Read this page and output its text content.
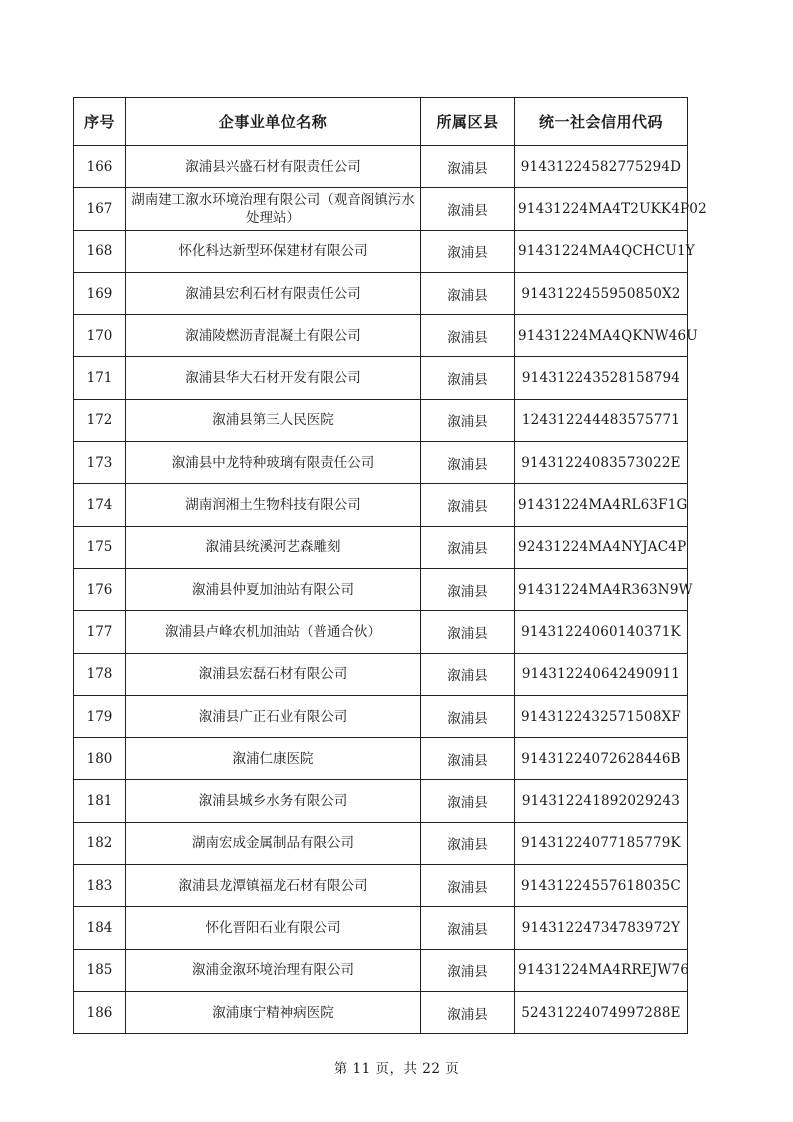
序号	企事业单位名称	所属区县	统一社会信用代码
166	溆浦县兴盛石材有限责任公司	溆浦县	91431224582775294D
167	湖南建工溆水环境治理有限公司（观音阁镇污水处理站）	溆浦县	91431224MA4T2UKK4P02
168	怀化科达新型环保建材有限公司	溆浦县	91431224MA4QCHCU1Y
169	溆浦县宏利石材有限责任公司	溆浦县	9143122455950850X2
170	溆浦陵燃沥青混凝土有限公司	溆浦县	91431224MA4QKNW46U
171	溆浦县华大石材开发有限公司	溆浦县	914312243528158794
172	溆浦县第三人民医院	溆浦县	124312244483575771
173	溆浦县中龙特种玻璃有限责任公司	溆浦县	91431224083573022E
174	湖南润湘土生物科技有限公司	溆浦县	91431224MA4RL63F1G
175	溆浦县统溪河艺森雕刻	溆浦县	92431224MA4NYJAC4P
176	溆浦县仲夏加油站有限公司	溆浦县	91431224MA4R363N9W
177	溆浦县卢峰农机加油站（普通合伙）	溆浦县	91431224060140371K
178	溆浦县宏磊石材有限公司	溆浦县	914312240642490911
179	溆浦县广正石业有限公司	溆浦县	9143122432571508XF
180	溆浦仁康医院	溆浦县	91431224072628446B
181	溆浦县城乡水务有限公司	溆浦县	914312241892029243
182	湖南宏成金属制品有限公司	溆浦县	91431224077185779K
183	溆浦县龙潭镇福龙石材有限公司	溆浦县	91431224557618035C
184	怀化晋阳石业有限公司	溆浦县	91431224734783972Y
185	溆浦金溆环境治理有限公司	溆浦县	91431224MA4RREJW76
186	溆浦康宁精神病医院	溆浦县	52431224074997288E
第 11 页，共 22 页
